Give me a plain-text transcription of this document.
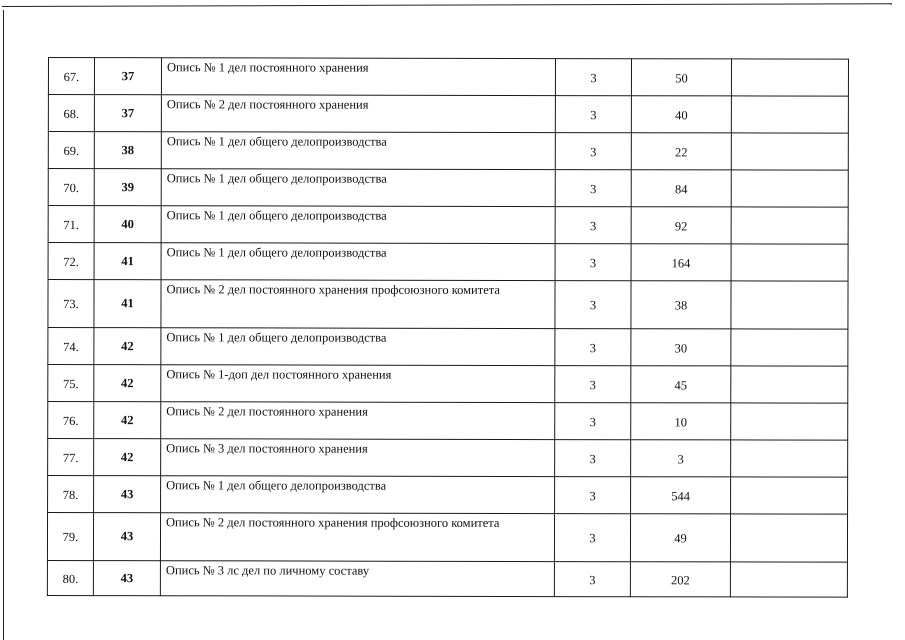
67.	37	Опись № 1 дел постоянного хранения	3	50	

68.	37	Опись № 2 дел постоянного хранения	3	40	

69.	38	Опись № 1 дел общего делопроизводства	3	22	

70.	39	Опись № 1 дел общего делопроизводства	3	84	

71.	40	Опись № 1 дел общего делопроизводства	3	92	

72.	41	Опись № 1 дел общего делопроизводства	3	164	

73.	41	Опись № 2 дел постоянного хранения профсоюзного комитета	3	38	

74.	42	Опись № 1 дел общего делопроизводства	3	30	

75.	42	Опись № 1-доп дел постоянного хранения	3	45	

76.	42	Опись № 2 дел постоянного хранения	3	10	

77.	42	Опись № 3 дел постоянного хранения	3	3	

78.	43	Опись № 1 дел общего делопроизводства	3	544	

79.	43	Опись № 2 дел постоянного хранения профсоюзного комитета	3	49	

80.	43	Опись № 3 лс дел по личному составу	3	202	
